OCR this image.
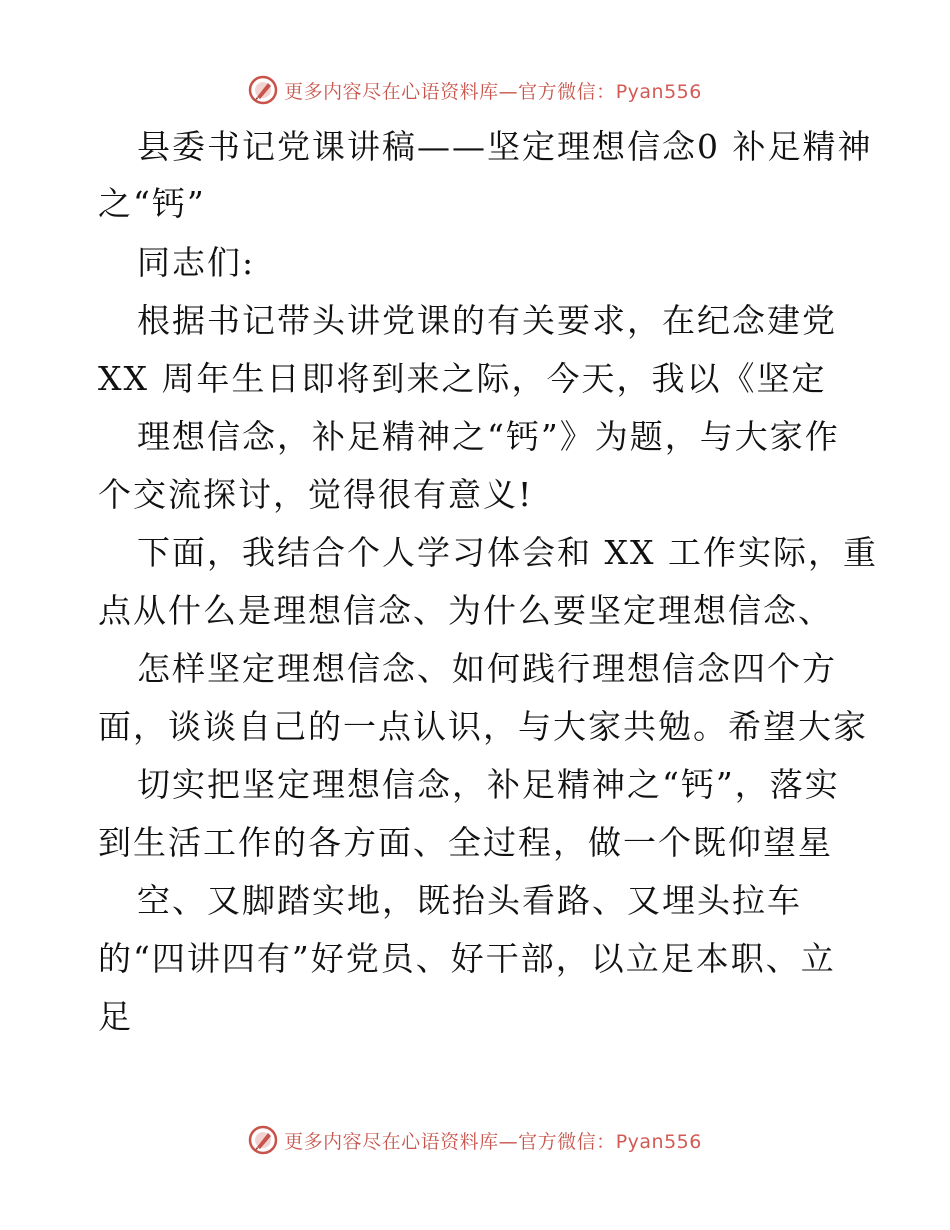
更多内容尽在心语资料库—官方微信：Pyan556
县委书记党课讲稿——坚定理想信念0 补足精神
之“钙”
同志们:
根据书记带头讲党课的有关要求，在纪念建党
XX 周年生日即将到来之际，今天，我以《坚定
理想信念，补足精神之“钙”》为题，与大家作
个交流探讨，觉得很有意义!
下面，我结合个人学习体会和 XX 工作实际，重
点从什么是理想信念、为什么要坚定理想信念、
怎样坚定理想信念、如何践行理想信念四个方
面，谈谈自己的一点认识，与大家共勉。希望大家
切实把坚定理想信念，补足精神之“钙”，落实
到生活工作的各方面、全过程，做一个既仰望星
空、又脚踏实地，既抬头看路、又埋头拉车
的“四讲四有”好党员、好干部，以立足本职、立
足
更多内容尽在心语资料库—官方微信：Pyan556
